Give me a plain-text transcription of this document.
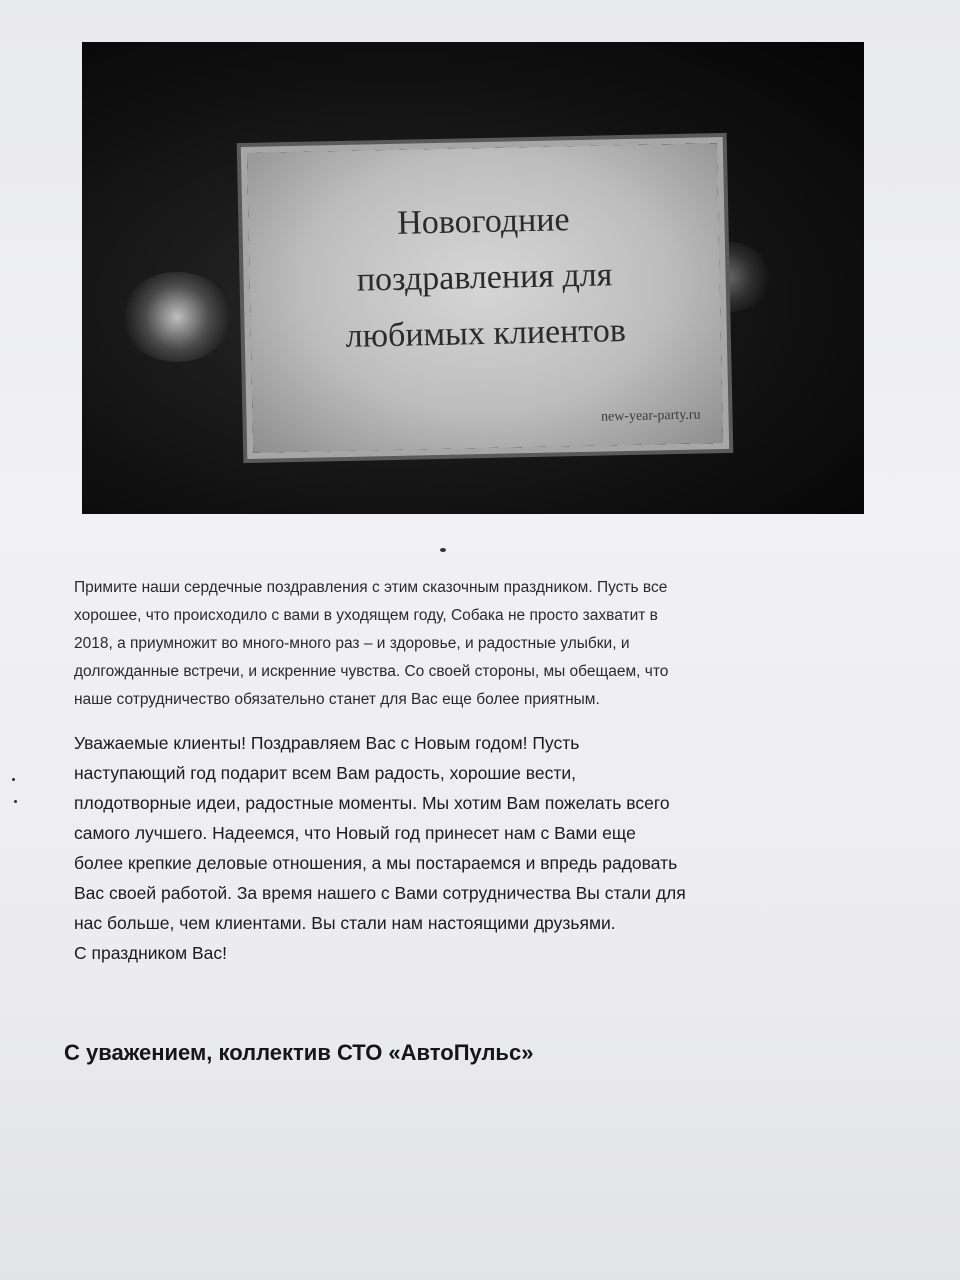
Новогодние
поздравления для
любимых клиентов
new-year-party.ru
Примите наши сердечные поздравления с этим сказочным праздником. Пусть все
хорошее, что происходило с вами в уходящем году, Собака не просто захватит в
2018, а приумножит во много-много раз – и здоровье, и радостные улыбки, и
долгожданные встречи, и искренние чувства. Со своей стороны, мы обещаем, что
наше сотрудничество обязательно станет для Вас еще более приятным.
Уважаемые клиенты! Поздравляем Вас с Новым годом! Пусть
наступающий год подарит всем Вам радость, хорошие вести,
плодотворные идеи, радостные моменты. Мы хотим Вам пожелать всего
самого лучшего. Надеемся, что Новый год принесет нам с Вами еще
более крепкие деловые отношения, а мы постараемся и впредь радовать
Вас своей работой. За время нашего с Вами сотрудничества Вы стали для
нас больше, чем клиентами. Вы стали нам настоящими друзьями.
С праздником Вас!
С уважением, коллектив СТО «АвтоПульс»
